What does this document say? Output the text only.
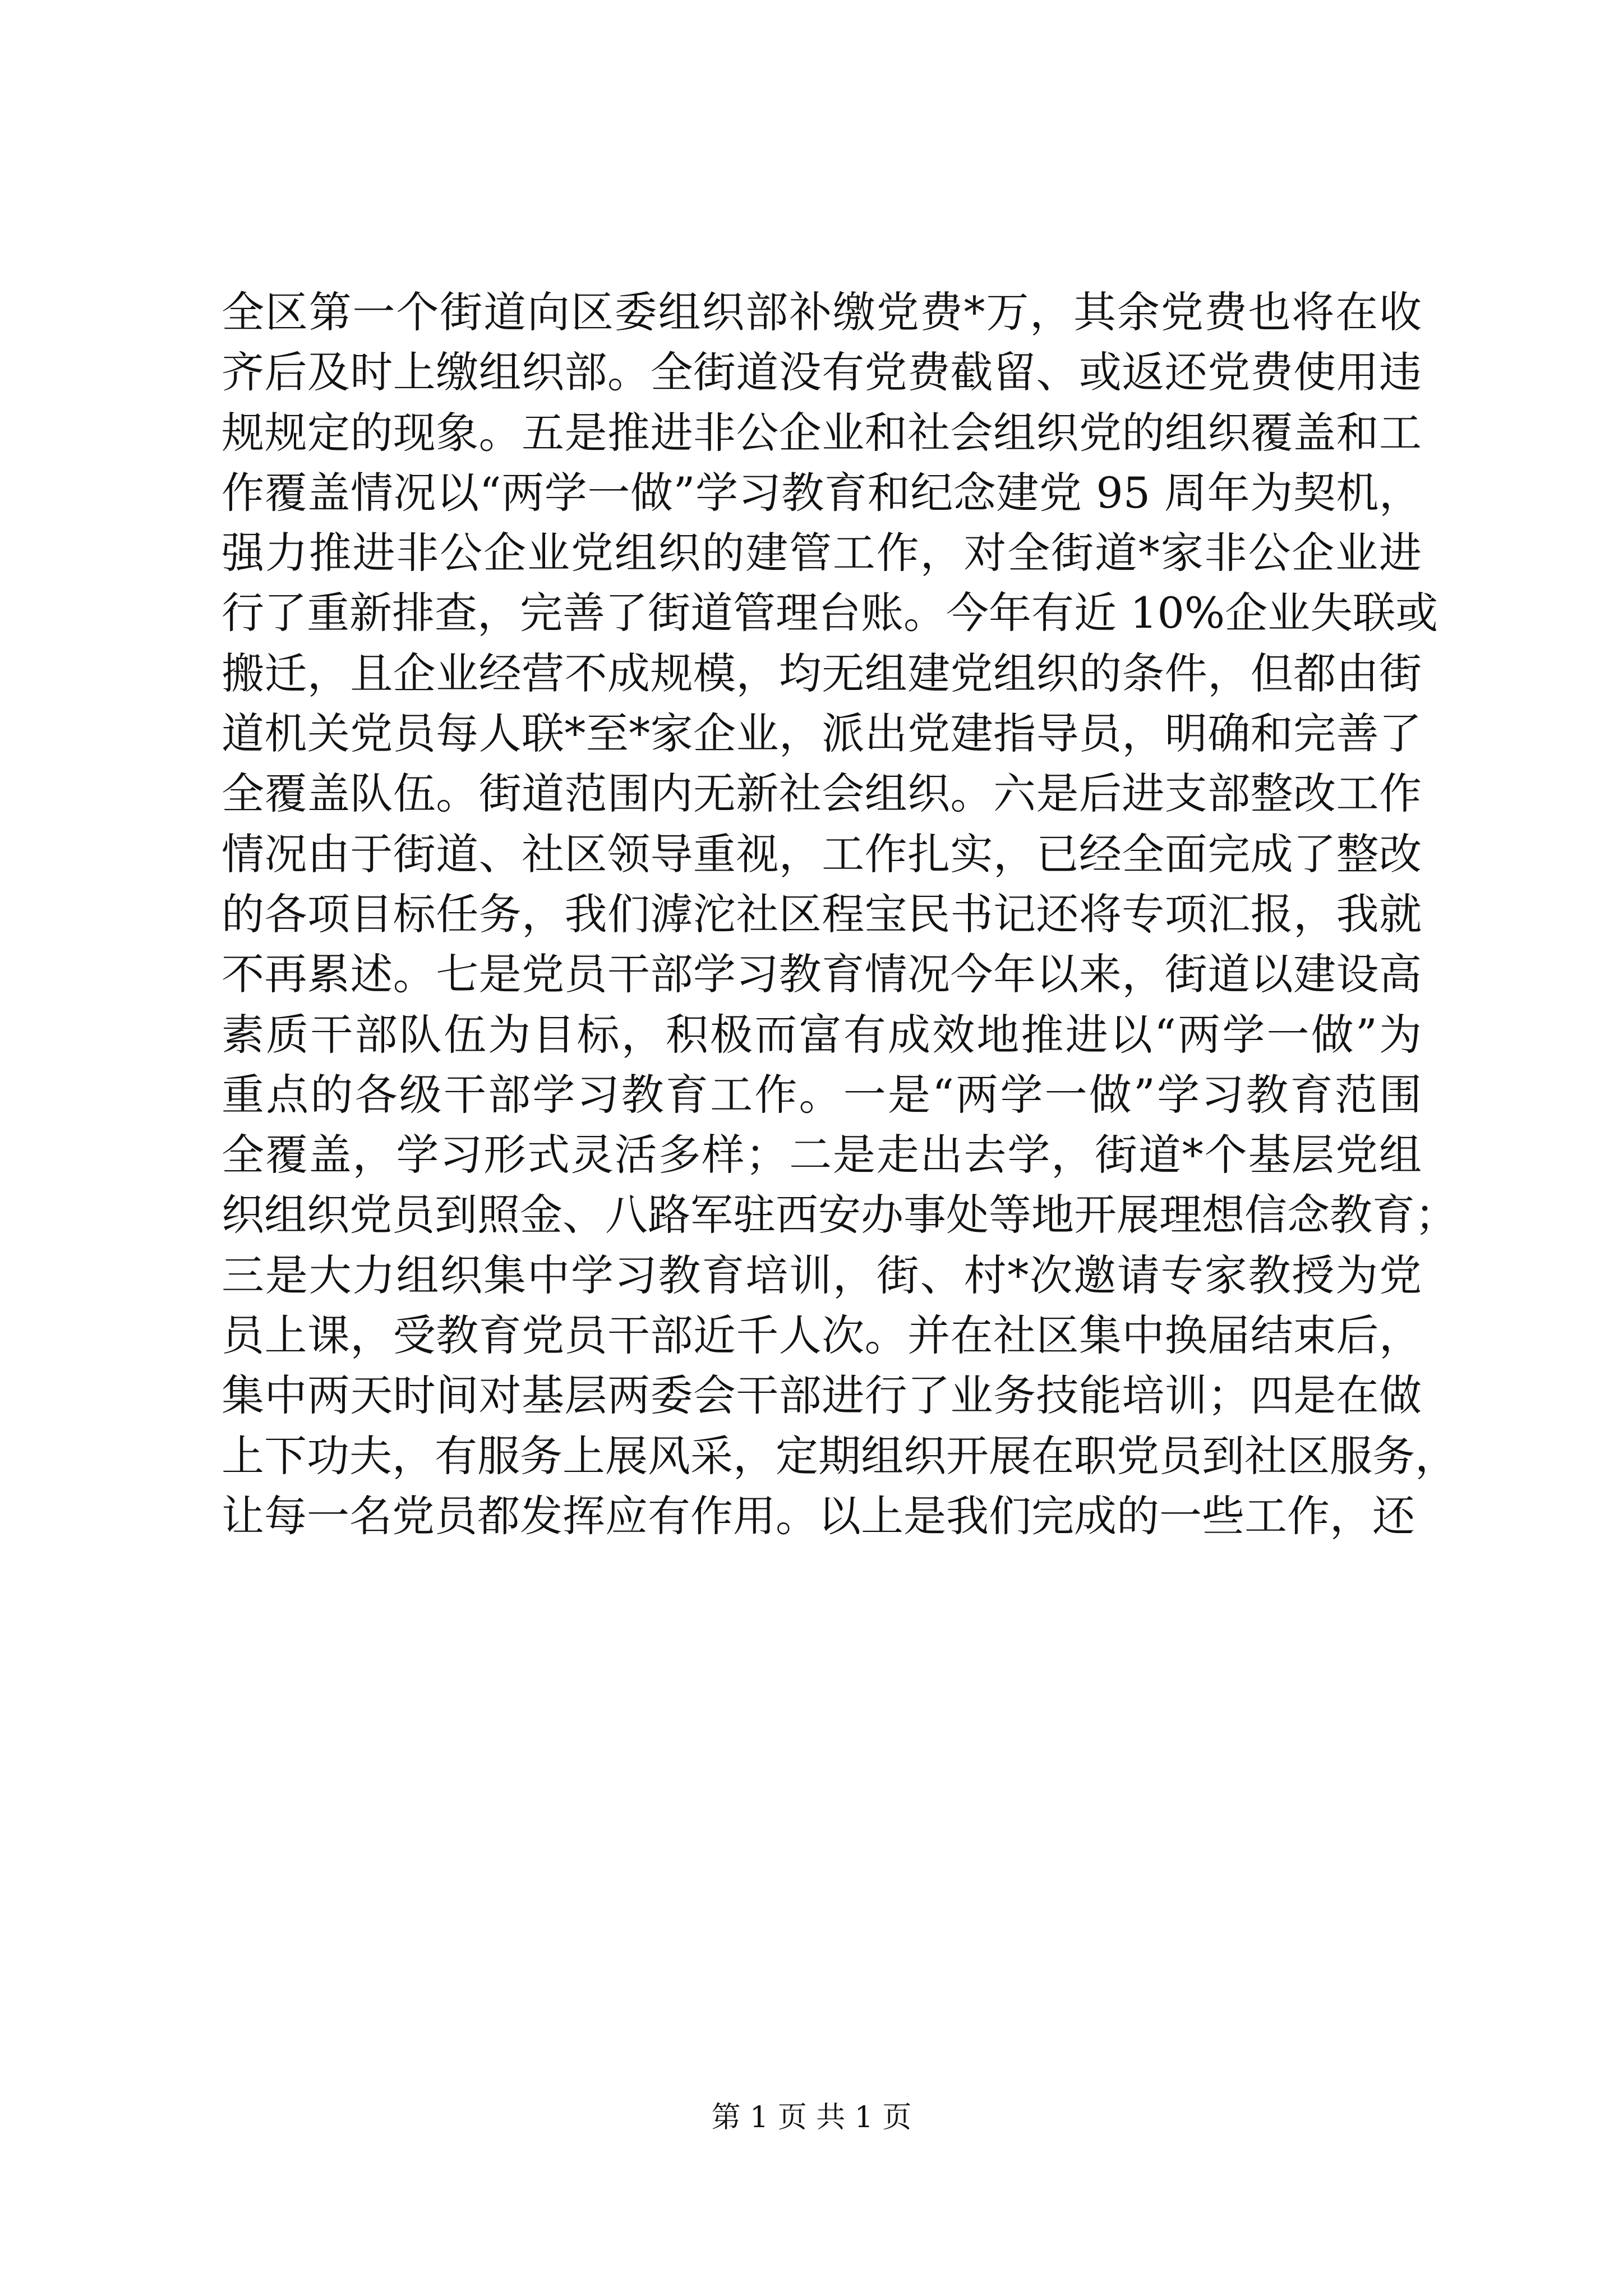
全区第一个街道向区委组织部补缴党费*万，其余党费也将在收
齐后及时上缴组织部。全街道没有党费截留、或返还党费使用违
规规定的现象。五是推进非公企业和社会组织党的组织覆盖和工
作覆盖情况以“两学一做”学习教育和纪念建党 95 周年为契机，
强力推进非公企业党组织的建管工作，对全街道*家非公企业进
行了重新排查，完善了街道管理台账。今年有近 10%企业失联或
搬迁，且企业经营不成规模，均无组建党组织的条件，但都由街
道机关党员每人联*至*家企业，派出党建指导员，明确和完善了
全覆盖队伍。街道范围内无新社会组织。六是后进支部整改工作
情况由于街道、社区领导重视，工作扎实，已经全面完成了整改
的各项目标任务，我们滹沱社区程宝民书记还将专项汇报，我就
不再累述。七是党员干部学习教育情况今年以来，街道以建设高
素质干部队伍为目标，积极而富有成效地推进以“两学一做”为
重点的各级干部学习教育工作。一是“两学一做”学习教育范围
全覆盖，学习形式灵活多样；二是走出去学，街道*个基层党组
织组织党员到照金、八路军驻西安办事处等地开展理想信念教育；
三是大力组织集中学习教育培训，街、村*次邀请专家教授为党
员上课，受教育党员干部近千人次。并在社区集中换届结束后，
集中两天时间对基层两委会干部进行了业务技能培训；四是在做
上下功夫，有服务上展风采，定期组织开展在职党员到社区服务，
让每一名党员都发挥应有作用。以上是我们完成的一些工作，还
第 1 页 共 1 页
